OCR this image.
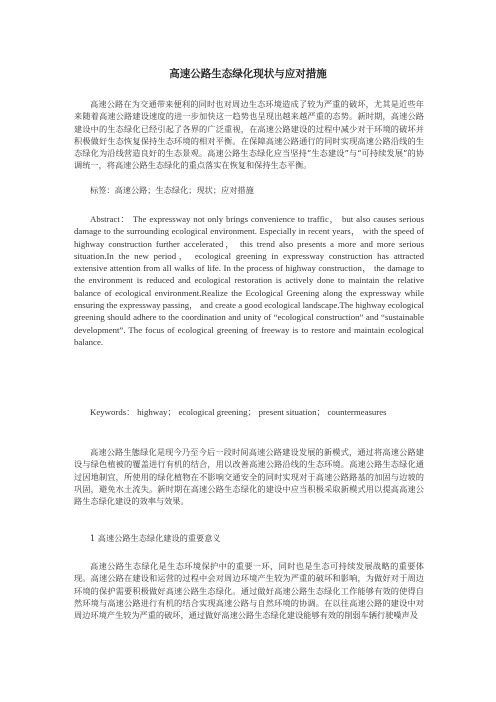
高速公路生态绿化现状与应对措施

高速公路在为交通带来便利的同时也对周边生态环境造成了较为严重的破坏，尤其是近些年来随着高速公路建设速度的进一步加快这一趋势也呈现出越来越严重的态势。新时期，高速公路建设中的生态绿化已经引起了各界的广泛重视，在高速公路建设的过程中减少对于环境的破坏并积极做好生态恢复保持生态环境的相对平衡。在保障高速公路通行的同时实现高速公路沿线的生态绿化为沿线营造良好的生态景观。高速公路生态绿化应当坚持“生态建设”与“可持续发展”的协调统一，将高速公路生态绿化的重点落实在恢复和保持生态平衡。

标签：高速公路；生态绿化；现状；应对措施

Abstract： The expressway not only brings convenience to traffic， but also causes serious damage to the surrounding ecological environment. Especially in recent years， with the speed of highway construction further accelerated， this trend also presents a more and more serious situation.In the new period， ecological greening in expressway construction has attracted extensive attention from all walks of life. In the process of highway construction， the damage to the environment is reduced and ecological restoration is actively done to maintain the relative balance of ecological environment.Realize the Ecological Greening along the expressway while ensuring the expressway passing， and create a good ecological landscape.The highway ecological greening should adhere to the coordination and unity of “ecological construction” and “sustainable development”. The focus of ecological greening of freeway is to restore and maintain ecological balance.

Keywords： highway； ecological greening； present situation； countermeasures

高速公路生態绿化是现今乃至今后一段时间高速公路建设发展的新模式，通过将高速公路建设与绿色植被的覆盖进行有机的结合，用以改善高速公路沿线的生态环境。高速公路生态绿化通过因地制宜，所使用的绿化植物在不影响交通安全的同时实现对于高速公路路基的加固与边坡的巩固，避免水土流失。新时期在高速公路生态绿化的建设中应当积极采取新模式用以提高高速公路生态绿化建设的效率与效果。

1 高速公路生态绿化建设的重要意义

高速公路生态绿化是生态环境保护中的重要一环，同时也是生态可持续发展战略的重要体现。高速公路在建设和运营的过程中会对周边环境产生较为严重的破坏和影响，为做好对于周边环境的保护需要积极做好高速公路生态绿化。通过做好高速公路生态绿化工作能够有效的使得自然环境与高速公路进行有机的结合实现高速公路与自然环境的协调。在以往高速公路的建设中对周边环境产生较为严重的破坏，通过做好高速公路生态绿化建设能够有效的削弱车辆行驶噪声及
